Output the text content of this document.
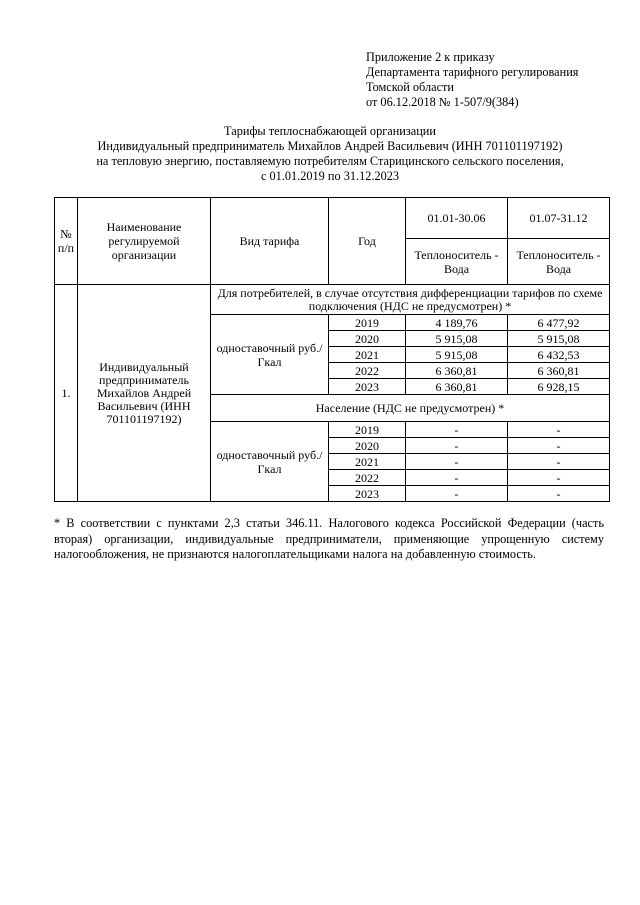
Приложение 2 к приказу
Департамента тарифного регулирования
Томской области
от 06.12.2018 № 1-507/9(384)
Тарифы теплоснабжающей организации
Индивидуальный предприниматель Михайлов Андрей Васильевич (ИНН 701101197192)
на тепловую энергию, поставляемую потребителям Старицинского сельского поселения,
с 01.01.2019 по 31.12.2023
№ п/п	Наименование регулируемой организации	Вид тарифа	Год	01.01-30.06	01.07-31.12
				Теплоноситель - Вода	Теплоноситель - Вода
1.	Индивидуальный предприниматель Михайлов Андрей Васильевич (ИНН 701101197192)	Для потребителей, в случае отсутствия дифференциации тарифов по схеме подключения (НДС не предусмотрен) *			
		одноставочный руб./Гкал	2019	4 189,76	6 477,92
			2020	5 915,08	5 915,08
			2021	5 915,08	6 432,53
			2022	6 360,81	6 360,81
			2023	6 360,81	6 928,15
		Население (НДС не предусмотрен) *			
		одноставочный руб./Гкал	2019	-	-
			2020	-	-
			2021	-	-
			2022	-	-
			2023	-	-
* В соответствии с пунктами 2,3 статьи 346.11. Налогового кодекса Российской Федерации (часть вторая) организации, индивидуальные предприниматели, применяющие упрощенную систему налогообложения, не признаются налогоплательщиками налога на добавленную стоимость.
